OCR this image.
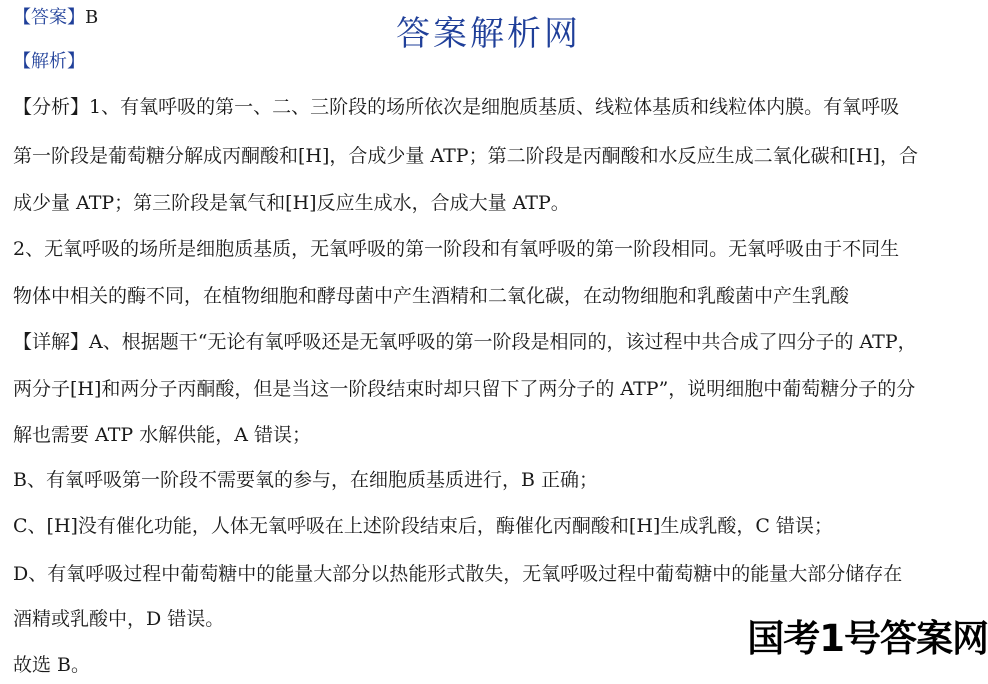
【答案】B	答案解析网
【解析】
【分析】1、有氧呼吸的第一、二、三阶段的场所依次是细胞质基质、线粒体基质和线粒体内膜。有氧呼吸
第一阶段是葡萄糖分解成丙酮酸和[H]，合成少量 ATP；第二阶段是丙酮酸和水反应生成二氧化碳和[H]，合
成少量 ATP；第三阶段是氧气和[H]反应生成水，合成大量 ATP。
2、无氧呼吸的场所是细胞质基质，无氧呼吸的第一阶段和有氧呼吸的第一阶段相同。无氧呼吸由于不同生
物体中相关的酶不同，在植物细胞和酵母菌中产生酒精和二氧化碳，在动物细胞和乳酸菌中产生乳酸
【详解】A、根据题干“无论有氧呼吸还是无氧呼吸的第一阶段是相同的，该过程中共合成了四分子的 ATP，
两分子[H]和两分子丙酮酸，但是当这一阶段结束时却只留下了两分子的 ATP”，说明细胞中葡萄糖分子的分
解也需要 ATP 水解供能，A 错误；
B、有氧呼吸第一阶段不需要氧的参与，在细胞质基质进行，B 正确；
C、[H]没有催化功能，人体无氧呼吸在上述阶段结束后，酶催化丙酮酸和[H]生成乳酸，C 错误；
D、有氧呼吸过程中葡萄糖中的能量大部分以热能形式散失，无氧呼吸过程中葡萄糖中的能量大部分储存在
酒精或乳酸中，D 错误。
故选 B。
国考1号答案网
